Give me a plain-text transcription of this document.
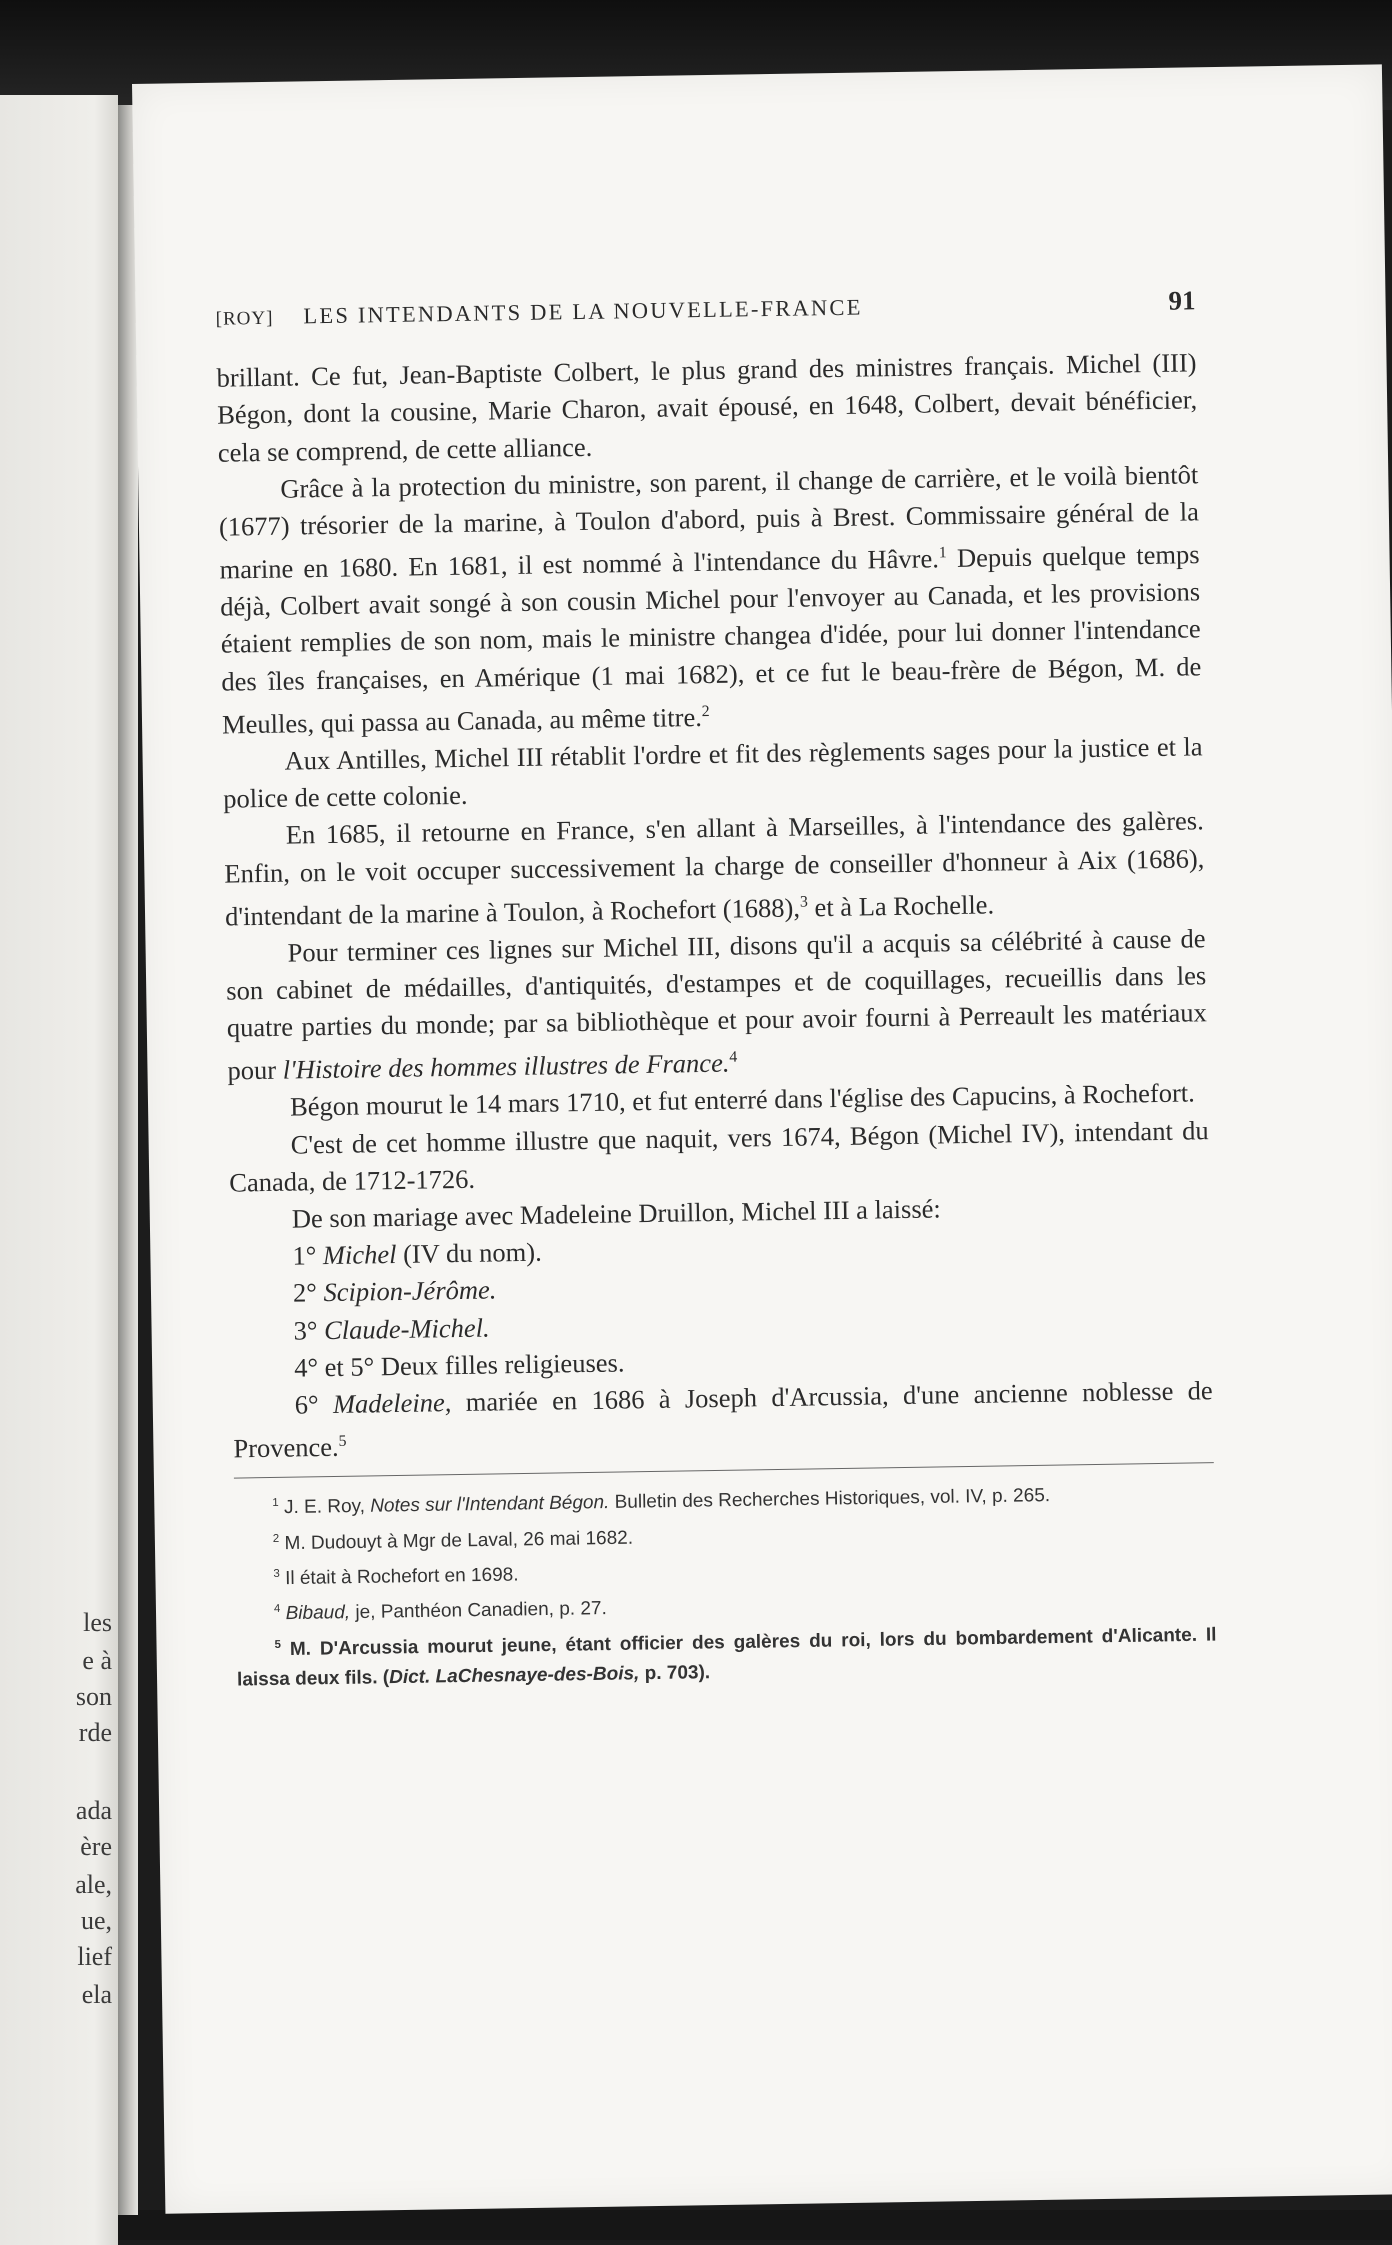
les
e à
son
rde
ada
ère
ale,
ue,
lief
ela
[ROY] LES INTENDANTS DE LA NOUVELLE-FRANCE	91

brillant. Ce fut, Jean-Baptiste Colbert, le plus grand des ministres français. Michel (III) Bégon, dont la cousine, Marie Charon, avait épousé, en 1648, Colbert, devait bénéficier, cela se comprend, de cette alliance.

Grâce à la protection du ministre, son parent, il change de carrière, et le voilà bientôt (1677) trésorier de la marine, à Toulon d'abord, puis à Brest. Commissaire général de la marine en 1680. En 1681, il est nommé à l'intendance du Hâvre.$^1$ Depuis quelque temps déjà, Colbert avait songé à son cousin Michel pour l'envoyer au Canada, et les provisions étaient remplies de son nom, mais le ministre changea d'idée, pour lui donner l'intendance des îles françaises, en Amérique (1 mai 1682), et ce fut le beau-frère de Bégon, M. de Meulles, qui passa au Canada, au même titre.$^2$

Aux Antilles, Michel III rétablit l'ordre et fit des règlements sages pour la justice et la police de cette colonie.

En 1685, il retourne en France, s'en allant à Marseilles, à l'intendance des galères. Enfin, on le voit occuper successivement la charge de conseiller d'honneur à Aix (1686), d'intendant de la marine à Toulon, à Rochefort (1688),$^3$ et à La Rochelle.

Pour terminer ces lignes sur Michel III, disons qu'il a acquis sa célébrité à cause de son cabinet de médailles, d'antiquités, d'estampes et de coquillages, recueillis dans les quatre parties du monde; par sa bibliothèque et pour avoir fourni à Perreault les matériaux pour l'Histoire des hommes illustres de France.$^4$

Bégon mourut le 14 mars 1710, et fut enterré dans l'église des Capucins, à Rochefort.

C'est de cet homme illustre que naquit, vers 1674, Bégon (Michel IV), intendant du Canada, de 1712-1726.

De son mariage avec Madeleine Druillon, Michel III a laissé:

1° Michel (IV du nom).

2° Scipion-Jérôme.

3° Claude-Michel.

4° et 5° Deux filles religieuses.

6° Madeleine, mariée en 1686 à Joseph d'Arcussia, d'une ancienne noblesse de Provence.$^5$

$^1$ J. E. Roy, Notes sur l'Intendant Bégon. Bulletin des Recherches Historiques, vol. IV, p. 265.

$^2$ M. Dudouyt à Mgr de Laval, 26 mai 1682.

$^3$ Il était à Rochefort en 1698.

$^4$ Bibaud, je, Panthéon Canadien, p. 27.

$^5$ M. D'Arcussia mourut jeune, étant officier des galères du roi, lors du bombardement d'Alicante. Il laissa deux fils. (Dict. LaChesnaye-des-Bois, p. 703).
